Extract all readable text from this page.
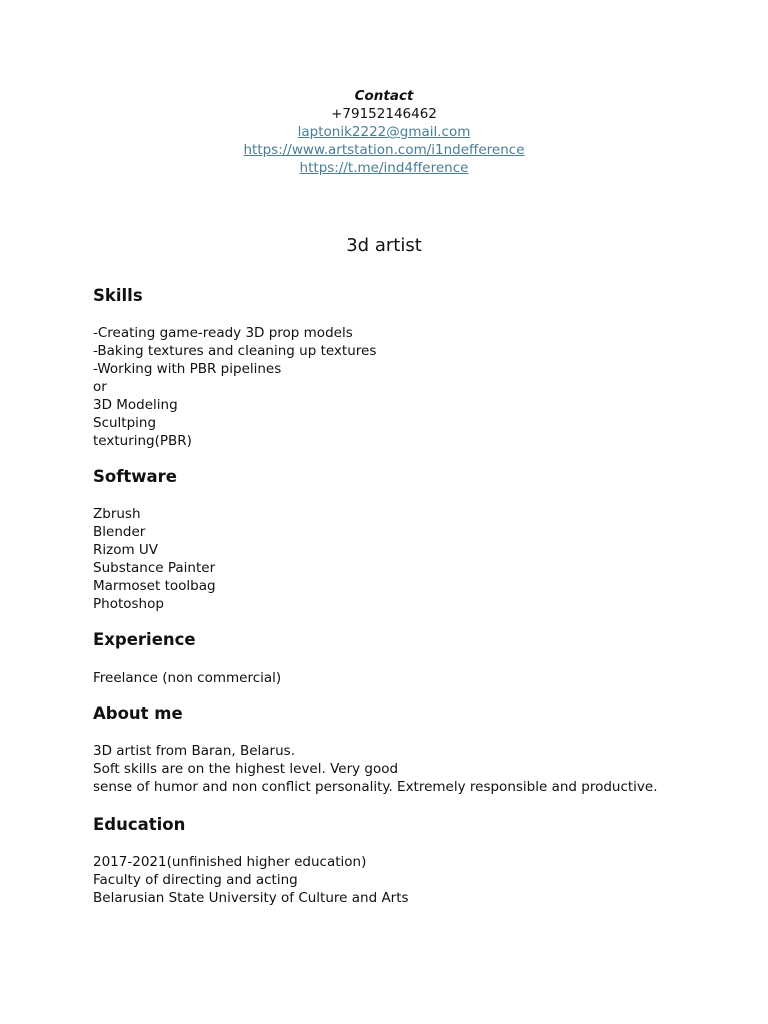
Contact
+79152146462
laptonik2222@gmail.com
https://www.artstation.com/i1ndefference
https://t.me/ind4fference
3d artist
Skills
-Creating game-ready 3D prop models
-Baking textures and cleaning up textures
-Working with PBR pipelines
or
3D Modeling
Scultping
texturing(PBR)
Software
Zbrush
Blender
Rizom UV
Substance Painter
Marmoset toolbag
Photoshop
Experience
Freelance (non commercial)
About me
3D artist from Baran, Belarus.
Soft skills are on the highest level. Very good
sense of humor and non conflict personality. Extremely responsible and productive.
Education
2017-2021(unfinished higher education)
Faculty of directing and acting
Belarusian State University of Culture and Arts
